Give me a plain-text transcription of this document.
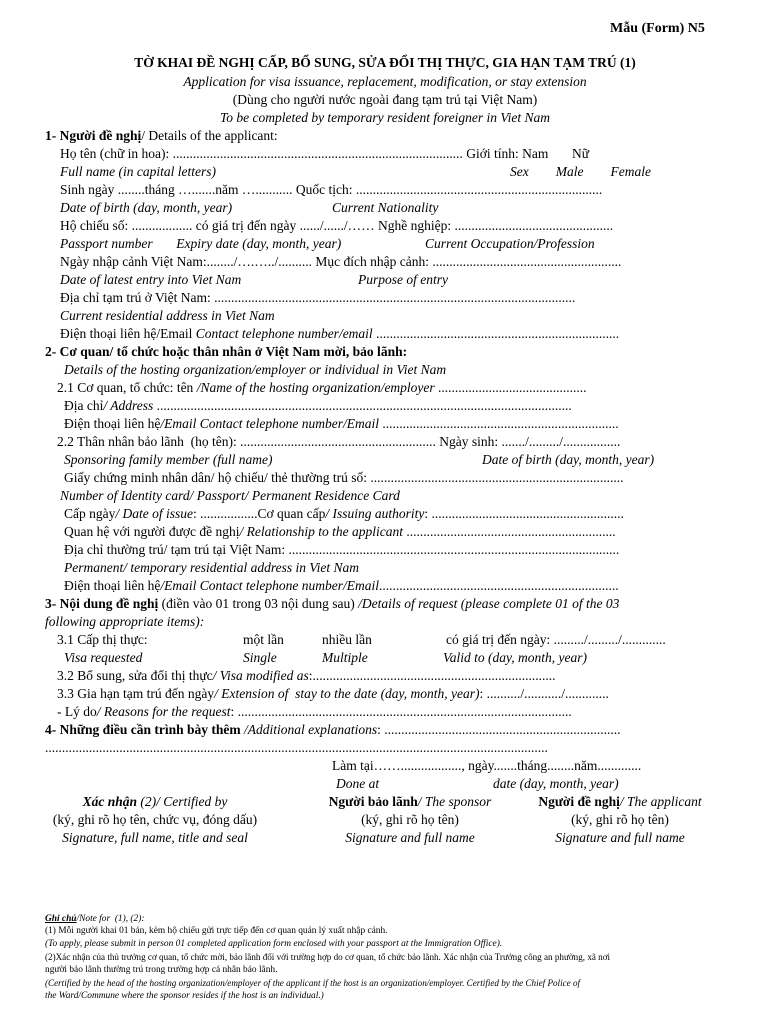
Mẫu (Form) N5
TỜ KHAI ĐỀ NGHỊ CẤP, BỔ SUNG, SỬA ĐỔI THỊ THỰC, GIA HẠN TẠM TRÚ (1)
Application for visa issuance, replacement, modification, or stay extension
(Dùng cho người nước ngoài đang tạm trú tại Việt Nam)
To be completed by temporary resident foreigner in Viet Nam
1- Người đề nghị/ Details of the applicant:
Họ tên (chữ in hoa): ...................................................................................... Giới tính: Nam       Nữ
Full name (in capital letters)	Sex        Male        Female
Sinh ngày ........tháng ….......năm …........... Quốc tịch: .........................................................................
Date of birth (day, month, year)	Current Nationality
Hộ chiếu số: .................. có giá trị đến ngày ....../....../…… Nghề nghiệp: ...............................................
Passport number       Expiry date (day, month, year)	Current Occupation/Profession
Ngày nhập cảnh Việt Nam:......../….…../.......... Mục đích nhập cảnh: ........................................................
Date of latest entry into Viet Nam	Purpose of entry
Địa chỉ tạm trú ở Việt Nam: ...........................................................................................................
Current residential address in Viet Nam
Điện thoại liên hệ/Email Contact telephone number/email ........................................................................
2- Cơ quan/ tổ chức hoặc thân nhân ở Việt Nam mời, bảo lãnh:
Details of the hosting organization/employer or individual in Viet Nam
2.1 Cơ quan, tổ chức: tên /Name of the hosting organization/employer ............................................
Địa chỉ/ Address ...........................................................................................................................
Điện thoại liên hệ/Email Contact telephone number/Email ......................................................................
2.2 Thân nhân bảo lãnh  (họ tên): .......................................................... Ngày sinh: ......./........./.................
Sponsoring family member (full name)	Date of birth (day, month, year)
Giấy chứng minh nhân dân/ hộ chiếu/ thẻ thường trú số: ...........................................................................
Number of Identity card/ Passport/ Permanent Residence Card
Cấp ngày/ Date of issue: .................Cơ quan cấp/ Issuing authority: .........................................................
Quan hệ với người được đề nghị/ Relationship to the applicant ..............................................................
Địa chỉ thường trú/ tạm trú tại Việt Nam: ..................................................................................................
Permanent/ temporary residential address in Viet Nam
Điện thoại liên hệ/Email Contact telephone number/Email.......................................................................
3- Nội dung đề nghị (điền vào 01 trong 03 nội dung sau) /Details of request (please complete 01 of the 03
following appropriate items):
3.1 Cấp thị thực:	một lần	nhiều lần	có giá trị đến ngày: ........./........./.............
Visa requested	Single	Multiple	Valid to (day, month, year)
3.2 Bổ sung, sửa đổi thị thực/ Visa modified as:........................................................................
3.3 Gia hạn tạm trú đến ngày/ Extension of  stay to the date (day, month, year): ........../.........../.............
- Lý do/ Reasons for the request: ...................................................................................................
4- Những điều cần trình bày thêm /Additional explanations: ......................................................................
.....................................................................................................................................................
Làm tại…….................., ngày.......tháng........năm.............
Done at	date (day, month, year)
Xác nhận (2)/ Certified by
(ký, ghi rõ họ tên, chức vụ, đóng dấu)
Signature, full name, title and seal
Người bảo lãnh/ The sponsor
(ký, ghi rõ họ tên)
Signature and full name
Người đề nghị/ The applicant
(ký, ghi rõ họ tên)
Signature and full name
Ghi chú/Note for  (1), (2):
(1) Mỗi người khai 01 bản, kèm hộ chiếu gửi trực tiếp đến cơ quan quản lý xuất nhập cảnh.
(To apply, please submit in person 01 completed application form enclosed with your passport at the Immigration Office).
(2)Xác nhận của thủ trưởng cơ quan, tổ chức mời, bảo lãnh đối với trường hợp do cơ quan, tổ chức bảo lãnh. Xác nhận của Trưởng công an phường, xã nơi
người bảo lãnh thường trú trong trường hợp cá nhân bảo lãnh.
(Certified by the head of the hosting organization/employer of the applicant if the host is an organization/employer. Certified by the Chief Police of
the Ward/Commune where the sponsor resides if the host is an individual.)
